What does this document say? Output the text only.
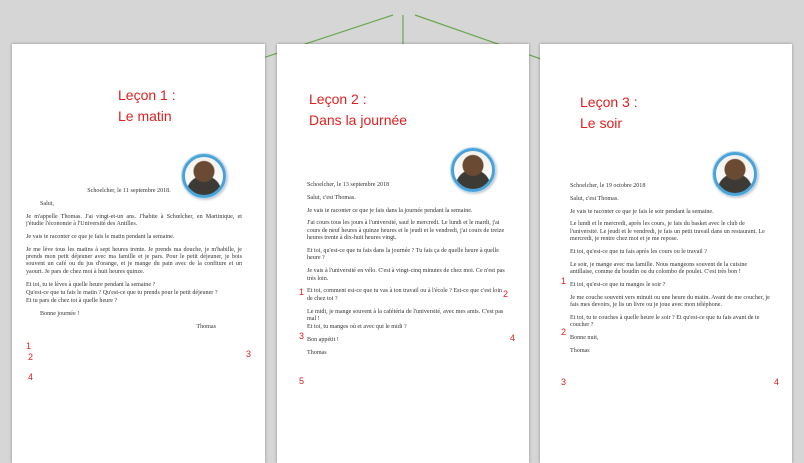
Leçon 1 :
Le matin
Schoelcher, le 11 septembre 2018.
Salut,
Je m'appelle Thomas. J'ai vingt-et-un ans. J'habite à Schœlcher, en Martinique, et j'étudie l'économie à l'Université des Antilles.
Je vais te raconter ce que je fais le matin pendant la semaine.
Je me lève tous les matins à sept heures trente. Je prends ma douche, je m'habille, je prends mon petit déjeuner avec ma famille et je pars. Pour le petit déjeuner, je bois souvent un café ou du jus d'orange, et je mange du pain avec de la confiture et un yaourt. Je pars de chez moi à huit heures quinze.
Et toi, tu te lèves à quelle heure pendant la semaine ?
Qu'est-ce que tu fais le matin ? Qu'est-ce que tu prends pour le petit déjeuner ?
Et tu pars de chez toi à quelle heure ?
Bonne journée !
Thomas
1
2	3
4
Leçon 2 :
Dans la journée
Schoelcher, le 13 septembre 2018
Salut, c'est Thomas.
Je vais te raconter ce que je fais dans la journée pendant la semaine.
J'ai cours tous les jours à l'université, sauf le mercredi. Le lundi et le mardi, j'ai cours de neuf heures à quinze heures et le jeudi et le vendredi, j'ai cours de treize heures trente à dix-huit heures vingt.
Et toi, qu'est-ce que tu fais dans la journée ? Tu fais ça de quelle heure à quelle heure ?
Je vais à l'université en vélo. C'est à vingt-cinq minutes de chez moi. Ce n'est pas très loin.
Et toi, comment est-ce que tu vas à ton travail ou à l'école ? Est-ce que c'est loin de chez toi ?
Le midi, je mange souvent à la cafétéria de l'université, avec mes amis. C'est pas mal !
Et toi, tu manges où et avec qui le midi ?
Bon appétit !
Thomas
1	2
3	4
5
Leçon 3 :
Le soir
Schoelcher, le 19 octobre 2018
Salut, c'est Thomas.
Je vais te raconter ce que je fais le soir pendant la semaine.
Le lundi et le mercredi, après les cours, je fais du basket avec le club de l'université. Le jeudi et le vendredi, je fais un petit travail dans un restaurant. Le mercredi, je rentre chez moi et je me repose.
Et toi, qu'est-ce que tu fais après les cours ou le travail ?
Le soir, je mange avec ma famille. Nous mangeons souvent de la cuisine antillaise, comme du boudin ou du colombo de poulet. C'est très bon !
Et toi, qu'est-ce que tu manges le soir ?
Je me couche souvent vers minuit ou une heure du matin. Avant de me coucher, je fais mes devoirs, je lis un livre ou je joue avec mon téléphone.
Et toi, tu te couches à quelle heure le soir ? Et qu'est-ce que tu fais avant de te coucher ?
Bonne nuit,
Thomas
1
2
3	4
